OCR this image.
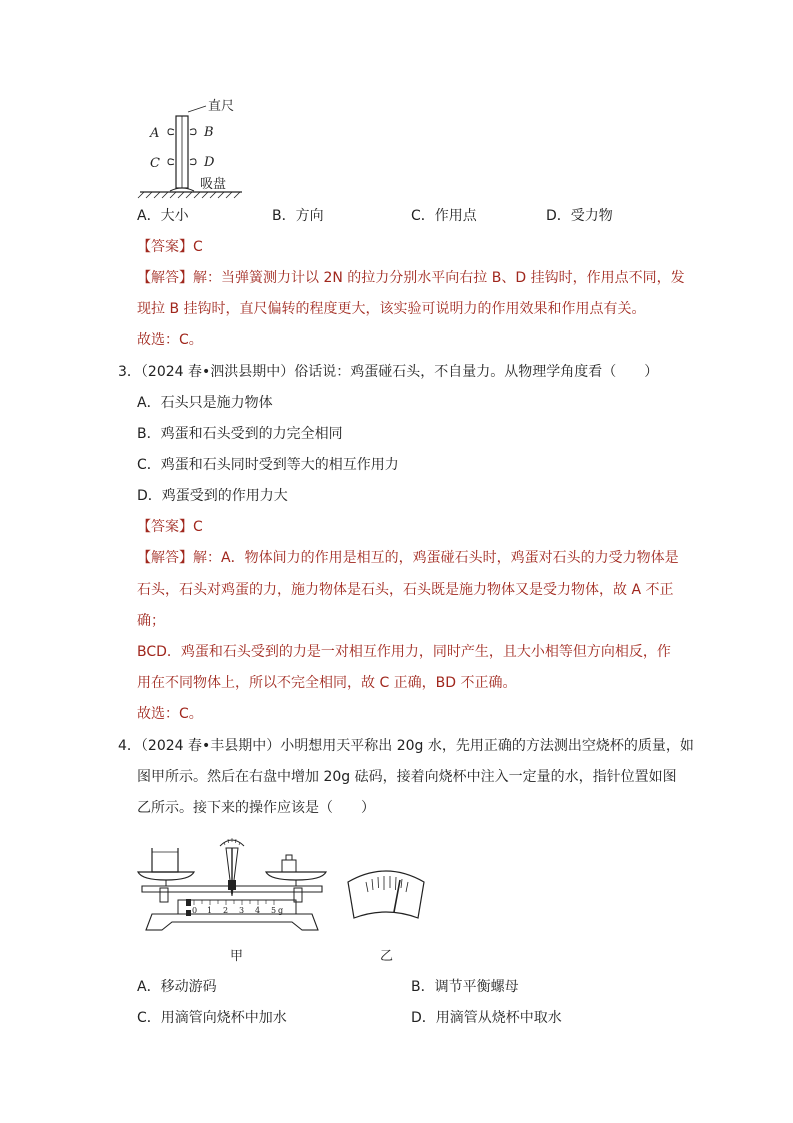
直尺
A	B
C	D
吸盘
A．大小	B．方向	C．作用点	D．受力物
【答案】C
【解答】解：当弹簧测力计以 2N 的拉力分别水平向右拉 B、D 挂钩时，作用点不同，发
现拉 B 挂钩时，直尺偏转的程度更大，该实验可说明力的作用效果和作用点有关。
故选：C。
3．（2024 春•泗洪县期中）俗话说：鸡蛋碰石头，不自量力。从物理学角度看（　　）
A．石头只是施力物体
B．鸡蛋和石头受到的力完全相同
C．鸡蛋和石头同时受到等大的相互作用力
D．鸡蛋受到的作用力大
【答案】C
【解答】解：A．物体间力的作用是相互的，鸡蛋碰石头时，鸡蛋对石头的力受力物体是
石头，石头对鸡蛋的力，施力物体是石头，石头既是施力物体又是受力物体，故 A 不正
确；
BCD．鸡蛋和石头受到的力是一对相互作用力，同时产生，且大小相等但方向相反，作
用在不同物体上，所以不完全相同，故 C 正确，BD 不正确。
故选：C。
4．（2024 春•丰县期中）小明想用天平称出 20g 水，先用正确的方法测出空烧杯的质量，如
图甲所示。然后在右盘中增加 20g 砝码，接着向烧杯中注入一定量的水，指针位置如图
乙所示。接下来的操作应该是（　　）
0 1 2 3 4 5 g
甲	乙
A．移动游码	B．调节平衡螺母
C．用滴管向烧杯中加水	D．用滴管从烧杯中取水
